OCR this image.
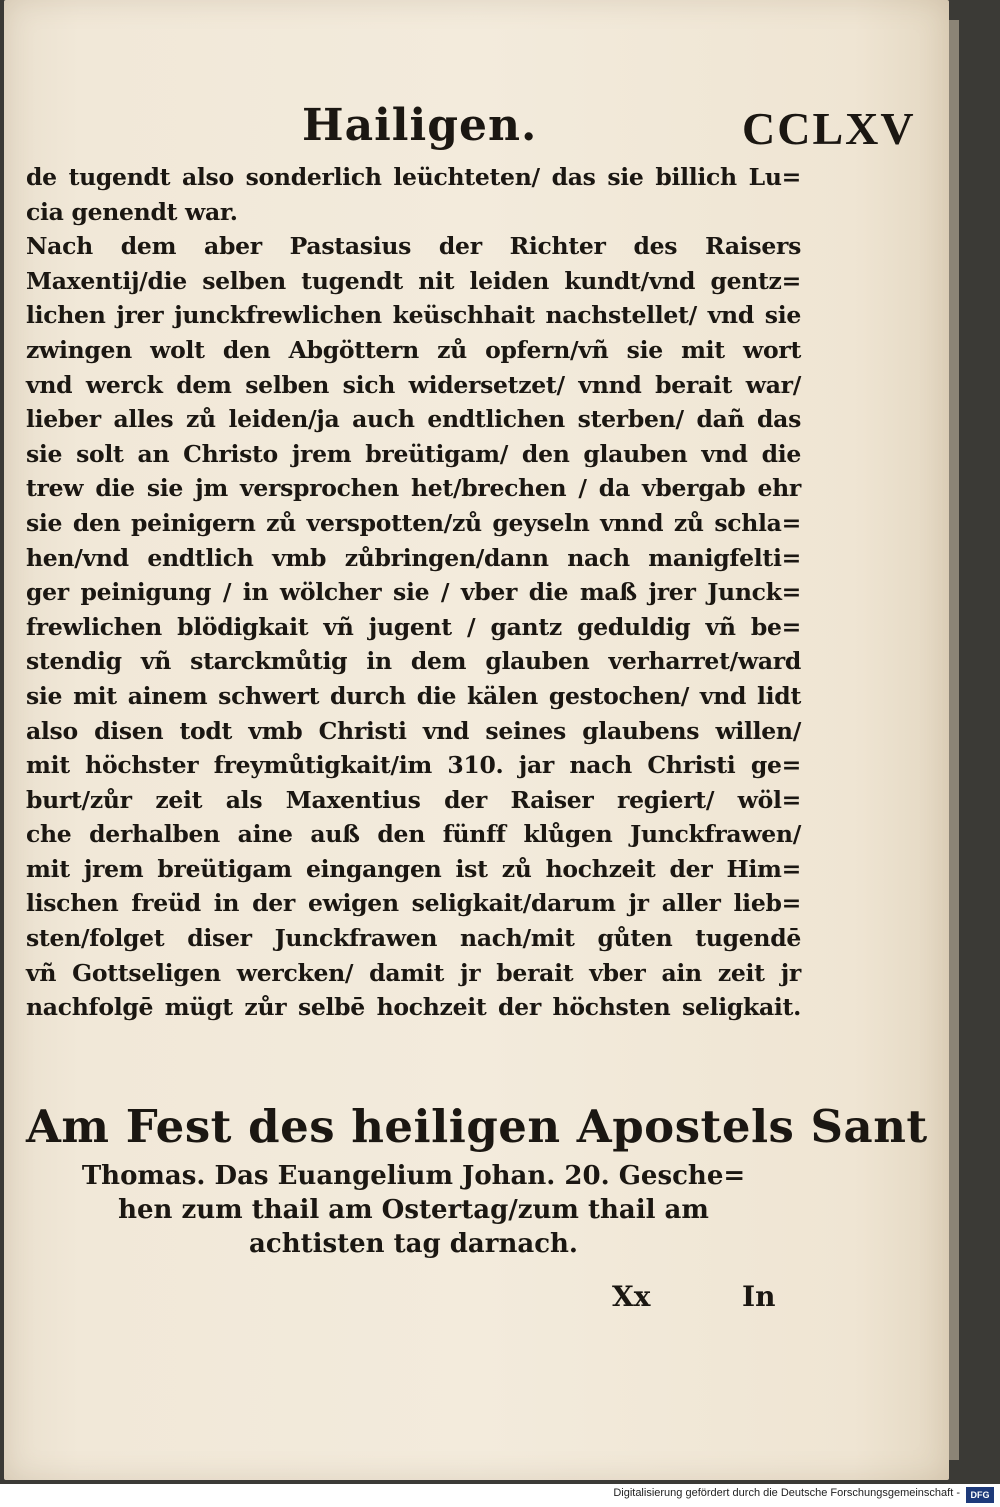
Hailigen.	CCLXV
de tugendt also sonderlich leüchteten/ das sie billich Lu=
cia genendt war.
Nach dem aber Pastasius der Richter des Raisers
Maxentij/die selben tugendt nit leiden kundt/vnd gentz=
lichen jrer junckfrewlichen keüschhait nachstellet/ vnd sie
zwingen wolt den Abgöttern zů opfern/vñ sie mit wort
vnd werck dem selben sich widersetzet/ vnnd berait war/
lieber alles zů leiden/ja auch endtlichen sterben/ dañ das
sie solt an Christo jrem breütigam/ den glauben vnd die
trew die sie jm versprochen het/brechen / da vbergab ehr
sie den peinigern zů verspotten/zů geyseln vnnd zů schla=
hen/vnd endtlich vmb zůbringen/dann nach manigfelti=
ger peinigung / in wölcher sie / vber die maß jrer Junck=
frewlichen blödigkait vñ jugent / gantz geduldig vñ be=
stendig vñ starckmůtig in dem glauben verharret/ward
sie mit ainem schwert durch die kälen gestochen/ vnd lidt
also disen todt vmb Christi vnd seines glaubens willen/
mit höchster freymůtigkait/im 310. jar nach Christi ge=
burt/zůr zeit als Maxentius der Raiser regiert/ wöl=
che derhalben aine auß den fünff klůgen Junckfrawen/
mit jrem breütigam eingangen ist zů hochzeit der Him=
lischen freüd in der ewigen seligkait/darum jr aller lieb=
sten/folget diser Junckfrawen nach/mit gůten tugendē
vñ Gottseligen wercken/ damit jr berait vber ain zeit jr
nachfolgē mügt zůr selbē hochzeit der höchsten seligkait.
Am Fest des heiligen Apostels Sant
Thomas. Das Euangelium Johan. 20. Gesche=
hen zum thail am Ostertag/zum thail am
achtisten tag darnach.
Xx	In
Digitalisierung gefördert durch die Deutsche Forschungsgemeinschaft -	DFG
